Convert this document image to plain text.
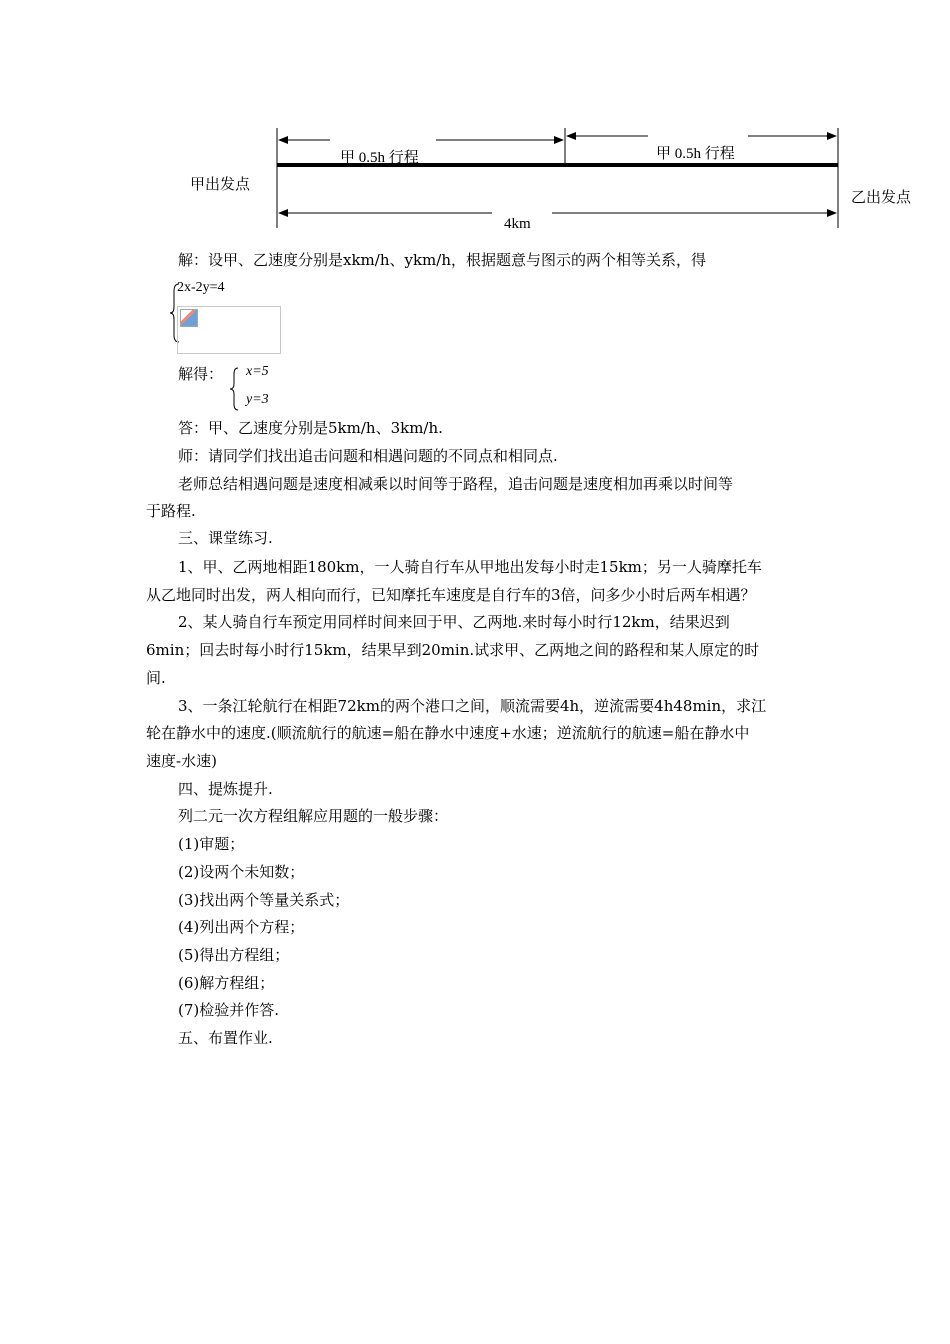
甲 0.5h 行程	甲 0.5h 行程
甲出发点
乙出发点
4km
解：设甲、乙速度分别是xkm/h、ykm/h，根据题意与图示的两个相等关系，得
2x-2y=4
解得： x=5
y=3
答：甲、乙速度分别是5km/h、3km/h.
师：请同学们找出追击问题和相遇问题的不同点和相同点.
老师总结相遇问题是速度相减乘以时间等于路程，追击问题是速度相加再乘以时间等
于路程.
三、课堂练习.
1、甲、乙两地相距180km，一人骑自行车从甲地出发每小时走15km；另一人骑摩托车
从乙地同时出发，两人相向而行，已知摩托车速度是自行车的3倍，问多少小时后两车相遇？
2、某人骑自行车预定用同样时间来回于甲、乙两地.来时每小时行12km，结果迟到
6min；回去时每小时行15km，结果早到20min.试求甲、乙两地之间的路程和某人原定的时
间.
3、一条江轮航行在相距72km的两个港口之间，顺流需要4h，逆流需要4h48min，求江
轮在静水中的速度.(顺流航行的航速=船在静水中速度+水速；逆流航行的航速=船在静水中
速度-水速)
四、提炼提升.
列二元一次方程组解应用题的一般步骤：
(1)审题；
(2)设两个未知数；
(3)找出两个等量关系式；
(4)列出两个方程；
(5)得出方程组；
(6)解方程组；
(7)检验并作答.
五、布置作业.
